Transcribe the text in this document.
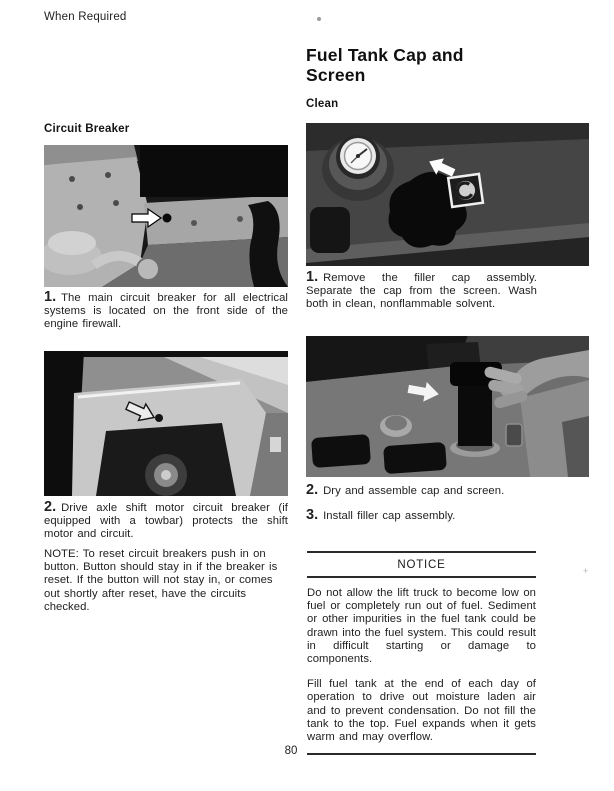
When Required
+
Circuit Breaker

1. The main circuit breaker for all electrical systems is located on the front side of the engine firewall.

2. Drive axle shift motor circuit breaker (if equipped with a towbar) protects the shift motor and circuit.

NOTE: To reset circuit breakers push in on button. Button should stay in if the breaker is reset. If the button will not stay in, or comes out shortly after reset, have the circuits checked.

Fuel Tank Cap and Screen
Clean

1. Remove the filler cap assembly. Separate the cap from the screen. Wash both in clean, nonflammable solvent.

2. Dry and assemble cap and screen.

3. Install filler cap assembly.

NOTICE

Do not allow the lift truck to become low on fuel or completely run out of fuel. Sediment or other impurities in the fuel tank could be drawn into the fuel system. This could result in difficult starting or damage to components.

Fill fuel tank at the end of each day of operation to drive out moisture laden air and to prevent condensation. Do not fill the tank to the top. Fuel expands when it gets warm and may overflow.

80
